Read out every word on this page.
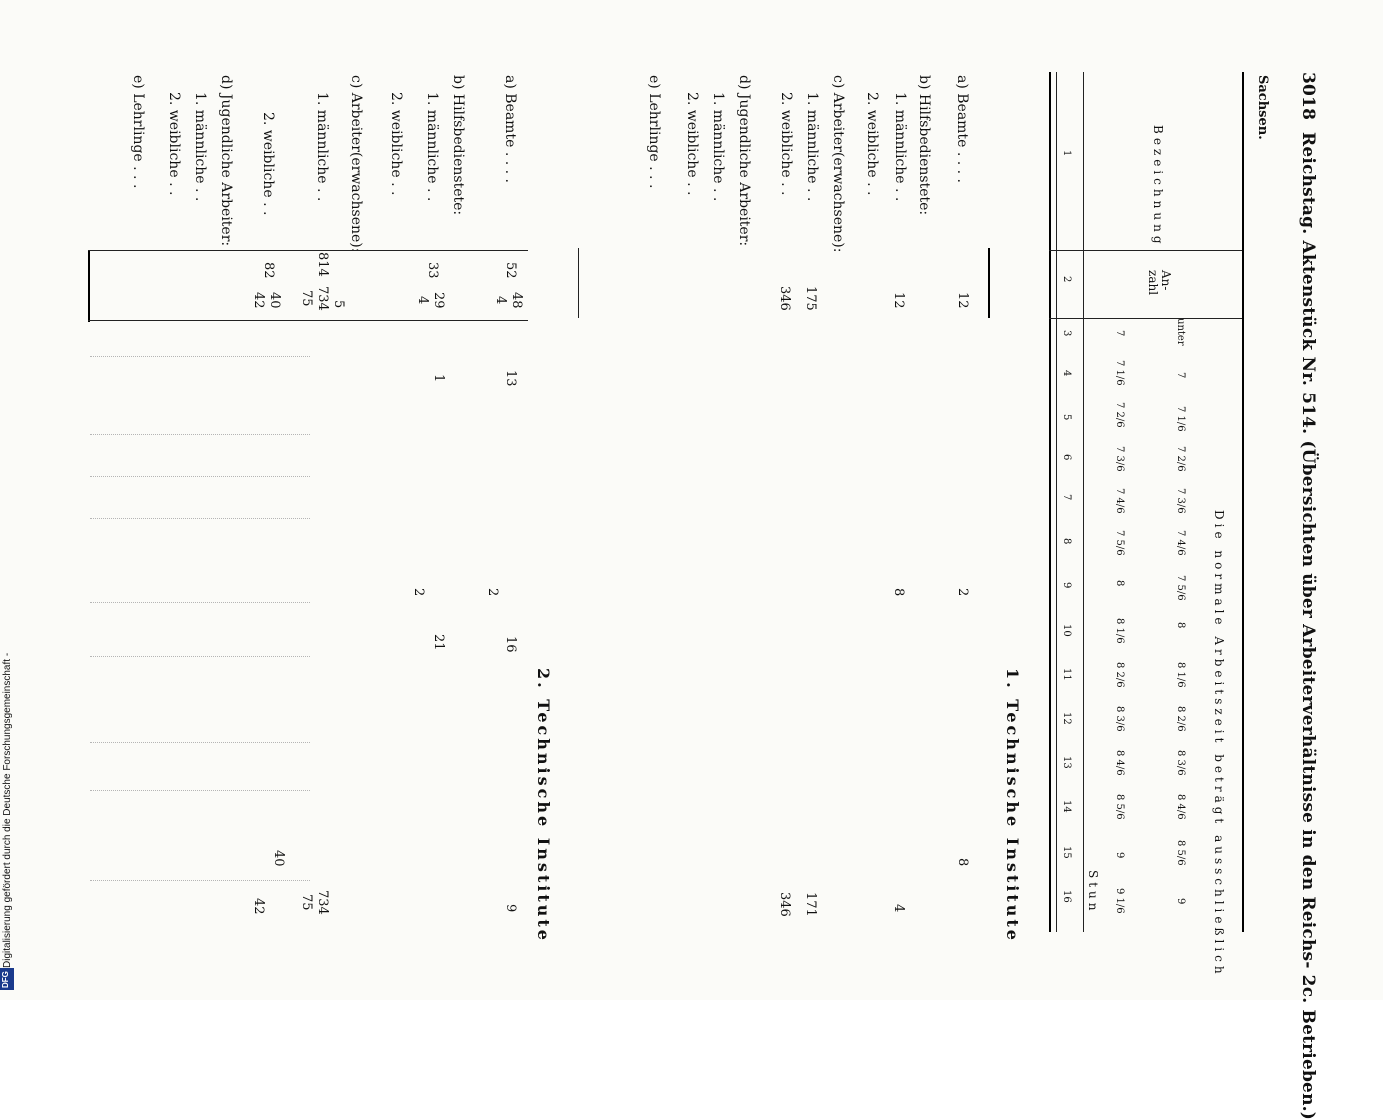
3018
Reichstag. Aktenstück Nr. 514. (Übersichten über Arbeiterverhältnisse in den Reichs- 2c. Betrieben.)
Sachsen.
Bezeichnung
An-
zahl
Die normale Arbeitszeit beträgt ausschließlich
Stun
unter
7
7
7 1/6
7 1/6
7 2/6
7 2/6
7 3/6
7 3/6
7 4/6
7 4/6
7 5/6
7 5/6
8
8
8 1/6
8 1/6
8 2/6
8 2/6
8 3/6
8 3/6
8 4/6
8 4/6
8 5/6
8 5/6
9
9
9 1/6
1
2
3
4
5
6
7
8
9
10
11
12
13
14
15
16
1. Technische Institute
a) Beamte . . . .
12
2
8
b) Hilfsbedienstete:
1. männliche . .
12
8
4
2. weibliche . .
c) Arbeiter(erwachsene):
1. männliche . .
175
171
2. weibliche . .
346
346
d) Jugendliche Arbeiter:
1. männliche . .
2. weibliche . .
e) Lehrlinge . . .
2. Technische Institute
a) Beamte . . . .
52
48
4
13
2
16
9
b) Hilfsbedienstete:
1. männliche . .
33
29
4
1
21
2. weibliche . .
2
c) Arbeiter(erwachsene):
1. männliche . .
814
5
734
75
734
75
2. weibliche . .
82
40
42
40
42
d) Jugendliche Arbeiter:
1. männliche . .
2. weibliche . .
e) Lehrlinge . . .
Digitalisierung gefördert durch die Deutsche Forschungsgemeinschaft -
DFG
